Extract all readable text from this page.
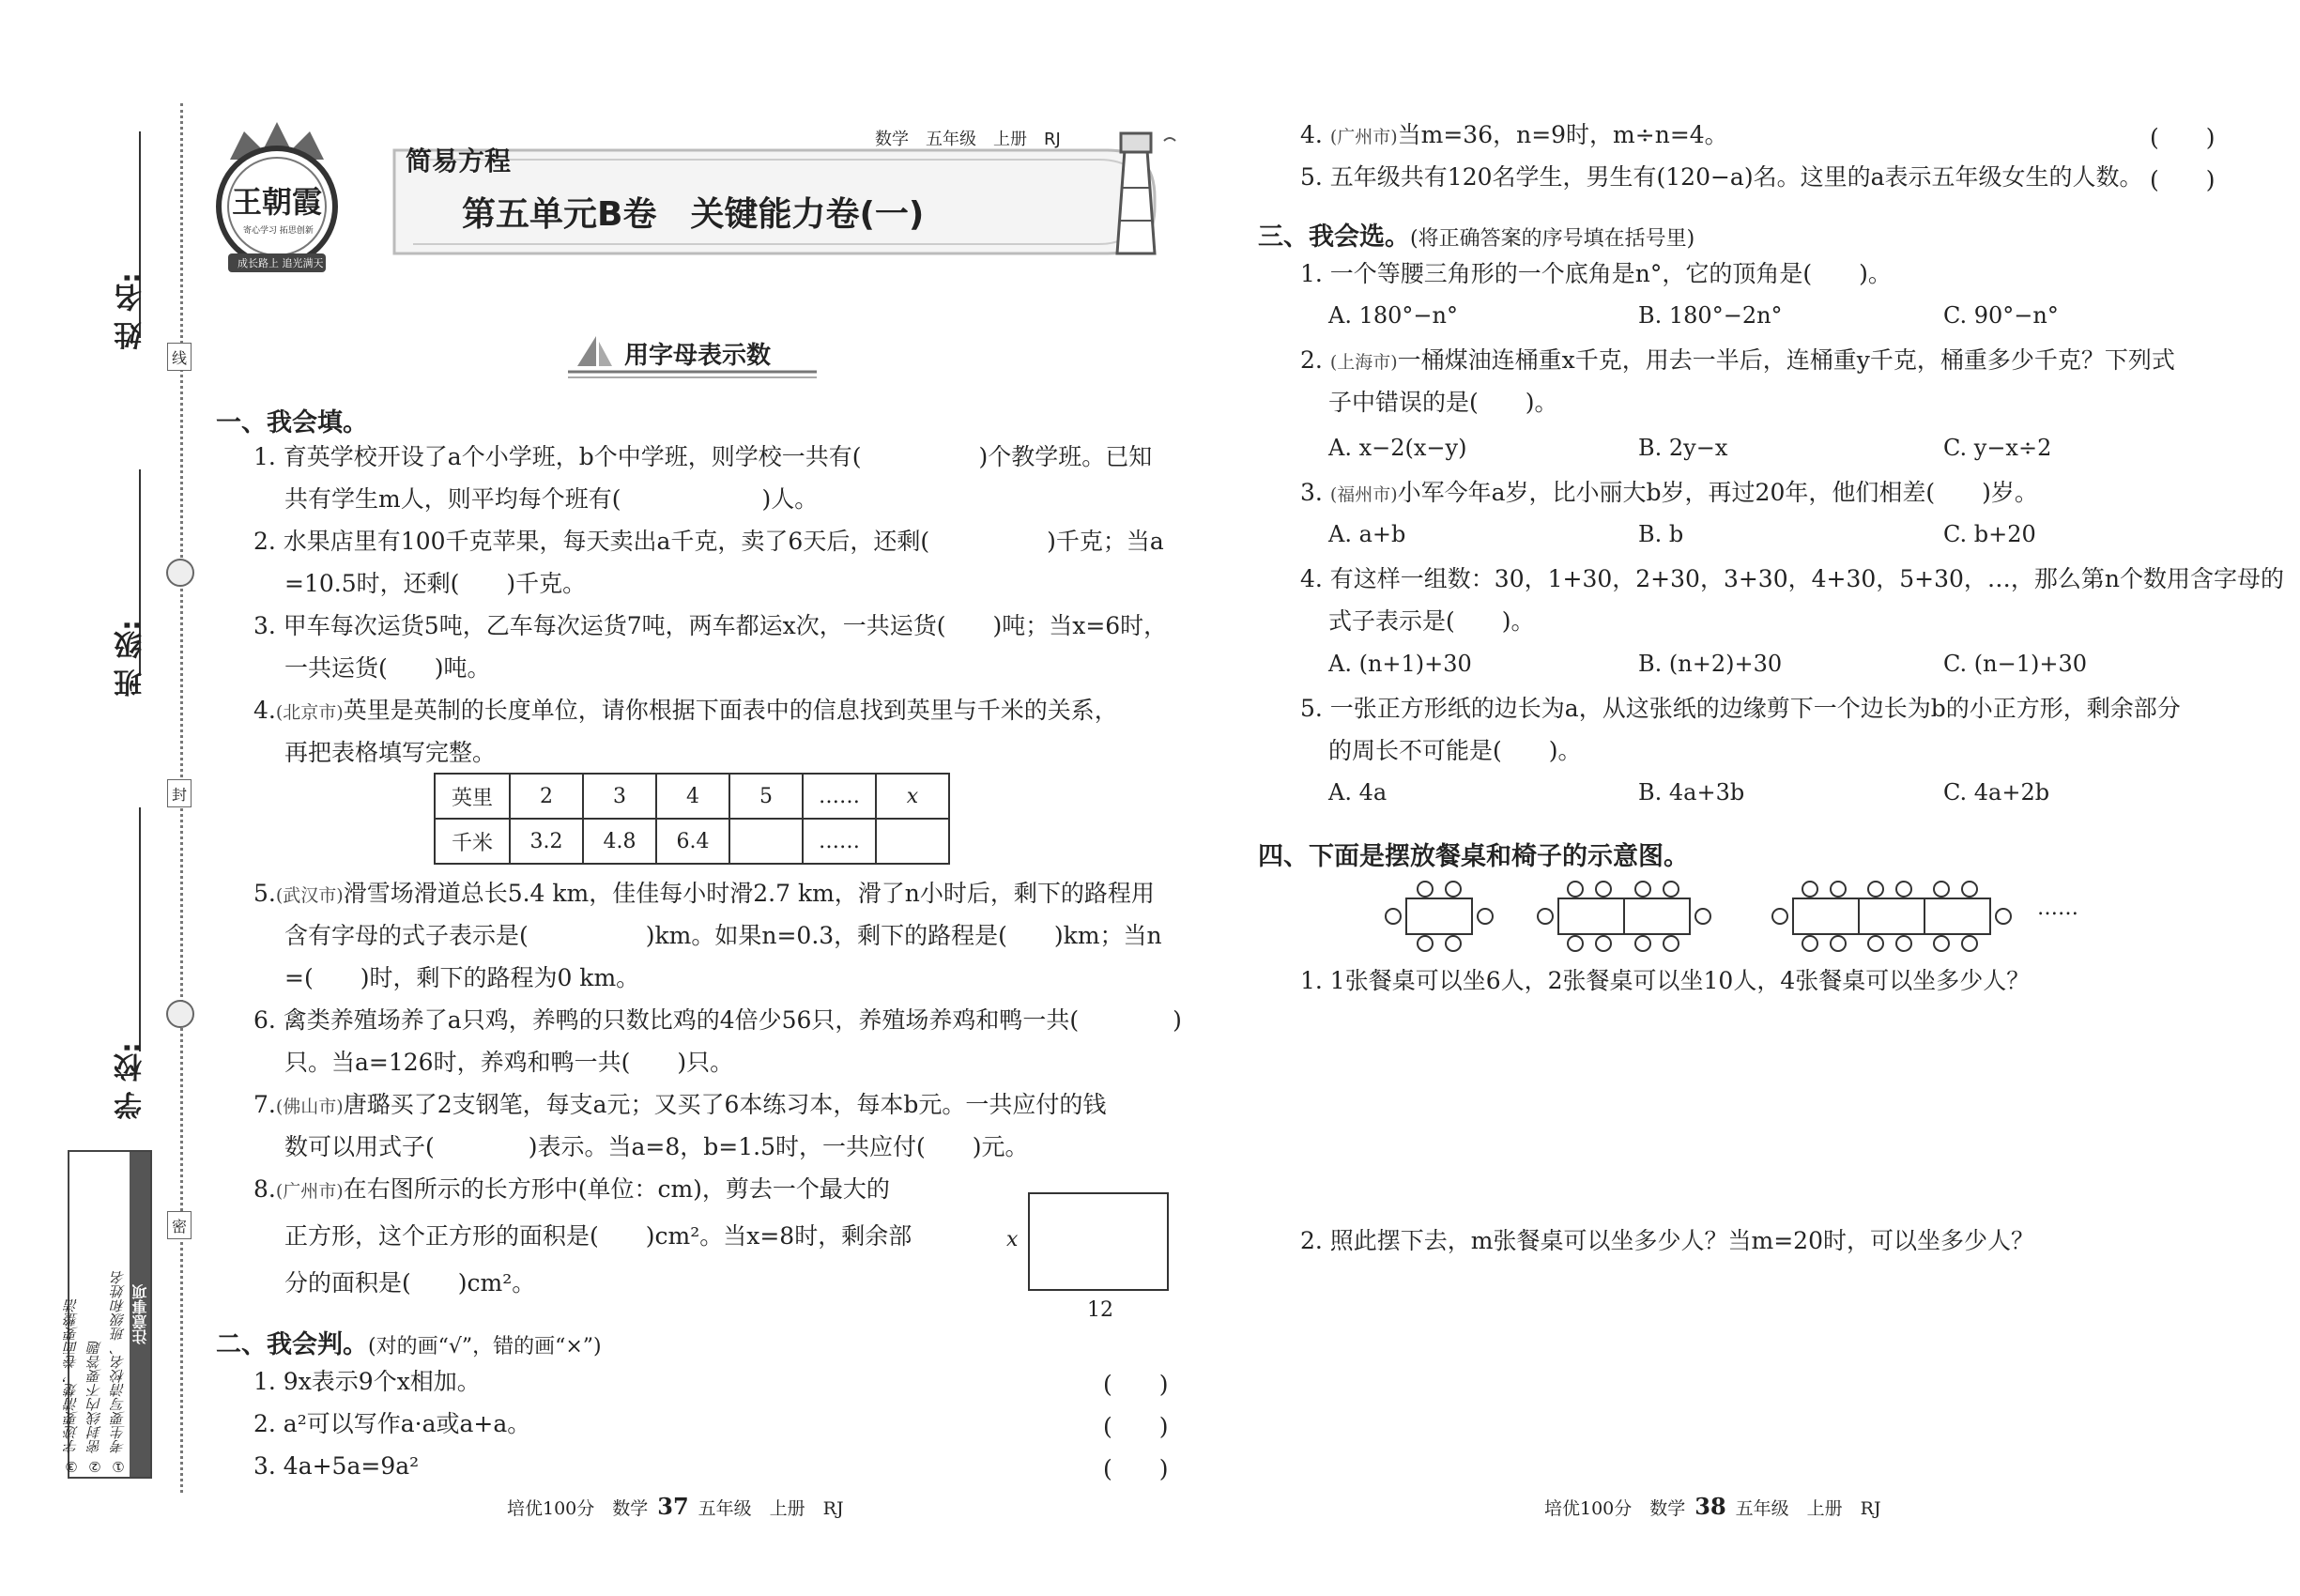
姓 名:
班 级:
学 校:
线
封
密
注意事项
① 考生要写清校名、班级和姓名
② 密封线内不要答题
③ 字迹要清楚，卷面要整洁
王朝霞
寄心学习 拓思创新
成长路上 追光满天
简易方程
数学　五年级　上册　RJ
第五单元B卷　关键能力卷(一)
用字母表示数
一、我会填。
1. 育英学校开设了a个小学班，b个中学班，则学校一共有(　　　　　)个教学班。已知
共有学生m人，则平均每个班有(　　　　　　)人。
2. 水果店里有100千克苹果，每天卖出a千克，卖了6天后，还剩(　　　　　)千克；当a
=10.5时，还剩(　　)千克。
3. 甲车每次运货5吨，乙车每次运货7吨，两车都运x次，一共运货(　　)吨；当x=6时，
一共运货(　　)吨。
4.(北京市)英里是英制的长度单位，请你根据下面表中的信息找到英里与千米的关系，
再把表格填写完整。
英里	2	3	4	5	……	x
千米	3.2	4.8	6.4		……	
5.(武汉市)滑雪场滑道总长5.4 km，佳佳每小时滑2.7 km，滑了n小时后，剩下的路程用
含有字母的式子表示是(　　　　　)km。如果n=0.3，剩下的路程是(　　)km；当n
=(　　)时，剩下的路程为0 km。
6. 禽类养殖场养了a只鸡，养鸭的只数比鸡的4倍少56只，养殖场养鸡和鸭一共(　　　　)
只。当a=126时，养鸡和鸭一共(　　)只。
7.(佛山市)唐璐买了2支钢笔，每支a元；又买了6本练习本，每本b元。一共应付的钱
数可以用式子(　　　　)表示。当a=8，b=1.5时，一共应付(　　)元。
8.(广州市)在右图所示的长方形中(单位：cm)，剪去一个最大的
正方形，这个正方形的面积是(　　)cm²。当x=8时，剩余部
分的面积是(　　)cm²。
x
12
二、我会判。(对的画“√”，错的画“×”)
1. 9x表示9个x相加。	(　　)
2. a²可以写作a·a或a+a。	(　　)
3. 4a+5a=9a²	(　　)
4. (广州市)当m=36，n=9时，m÷n=4。	(　　)
5. 五年级共有120名学生，男生有(120−a)名。这里的a表示五年级女生的人数。 (　　)
三、我会选。(将正确答案的序号填在括号里)
1. 一个等腰三角形的一个底角是n°，它的顶角是(　　)。
A. 180°−n°	B. 180°−2n°	C. 90°−n°
2. (上海市)一桶煤油连桶重x千克，用去一半后，连桶重y千克，桶重多少千克？下列式
子中错误的是(　　)。
A. x−2(x−y)	B. 2y−x	C. y−x÷2
3. (福州市)小军今年a岁，比小丽大b岁，再过20年，他们相差(　　)岁。
A. a+b	B. b	C. b+20
4. 有这样一组数：30，1+30，2+30，3+30，4+30，5+30，…，那么第n个数用含字母的
式子表示是(　　)。
A. (n+1)+30	B. (n+2)+30	C. (n−1)+30
5. 一张正方形纸的边长为a，从这张纸的边缘剪下一个边长为b的小正方形，剩余部分
的周长不可能是(　　)。
A. 4a	B. 4a+3b	C. 4a+2b
四、下面是摆放餐桌和椅子的示意图。
……
1. 1张餐桌可以坐6人，2张餐桌可以坐10人，4张餐桌可以坐多少人？
2. 照此摆下去，m张餐桌可以坐多少人？当m=20时，可以坐多少人？
培优100分　数学 37 五年级　上册　RJ	培优100分　数学 38 五年级　上册　RJ
